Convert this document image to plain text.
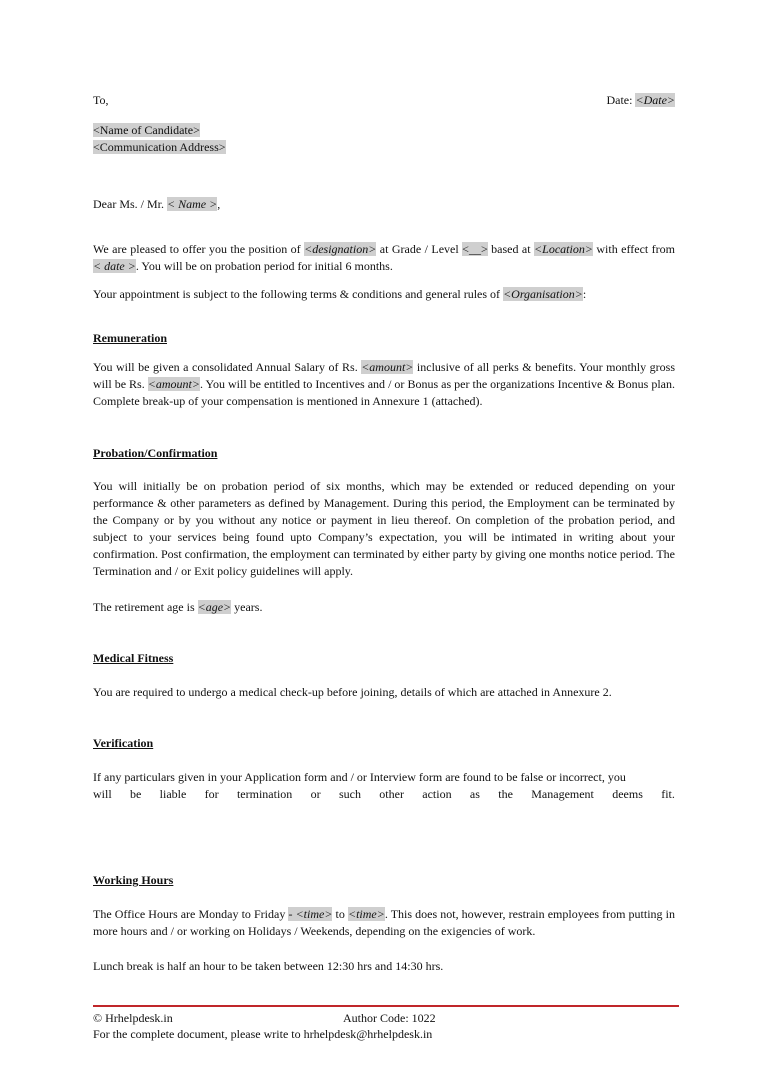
To,	Date: <Date>
<Name of Candidate>
<Communication Address>
Dear Ms. / Mr. < Name >,
We are pleased to offer you the position of <designation> at Grade / Level <__> based at <Location> with effect from < date >. You will be on probation period for initial 6 months.
Your appointment is subject to the following terms & conditions and general rules of <Organisation>:
Remuneration
You will be given a consolidated Annual Salary of Rs. <amount> inclusive of all perks & benefits. Your monthly gross will be Rs. <amount>. You will be entitled to Incentives and / or Bonus as per the organizations Incentive & Bonus plan. Complete break-up of your compensation is mentioned in Annexure 1 (attached).
Probation/Confirmation
You will initially be on probation period of six months, which may be extended or reduced depending on your performance & other parameters as defined by Management. During this period, the Employment can be terminated by the Company or by you without any notice or payment in lieu thereof. On completion of the probation period, and subject to your services being found upto Company’s expectation, you will be intimated in writing about your confirmation. Post confirmation, the employment can terminated by either party by giving one months notice period. The Termination and / or Exit policy guidelines will apply.
The retirement age is <age> years.
Medical Fitness
You are required to undergo a medical check-up before joining, details of which are attached in Annexure 2.
Verification
If any particulars given in your Application form and / or Interview form are found to be false or incorrect, you
will be liable for termination or such other action as the Management deems fit.
Working Hours
The Office Hours are Monday to Friday - <time> to <time>. This does not, however, restrain employees from putting in more hours and / or working on Holidays / Weekends, depending on the exigencies of work.
Lunch break is half an hour to be taken between 12:30 hrs and 14:30 hrs.
© Hrhelpdesk.in	Author Code: 1022
For the complete document, please write to hrhelpdesk@hrhelpdesk.in
